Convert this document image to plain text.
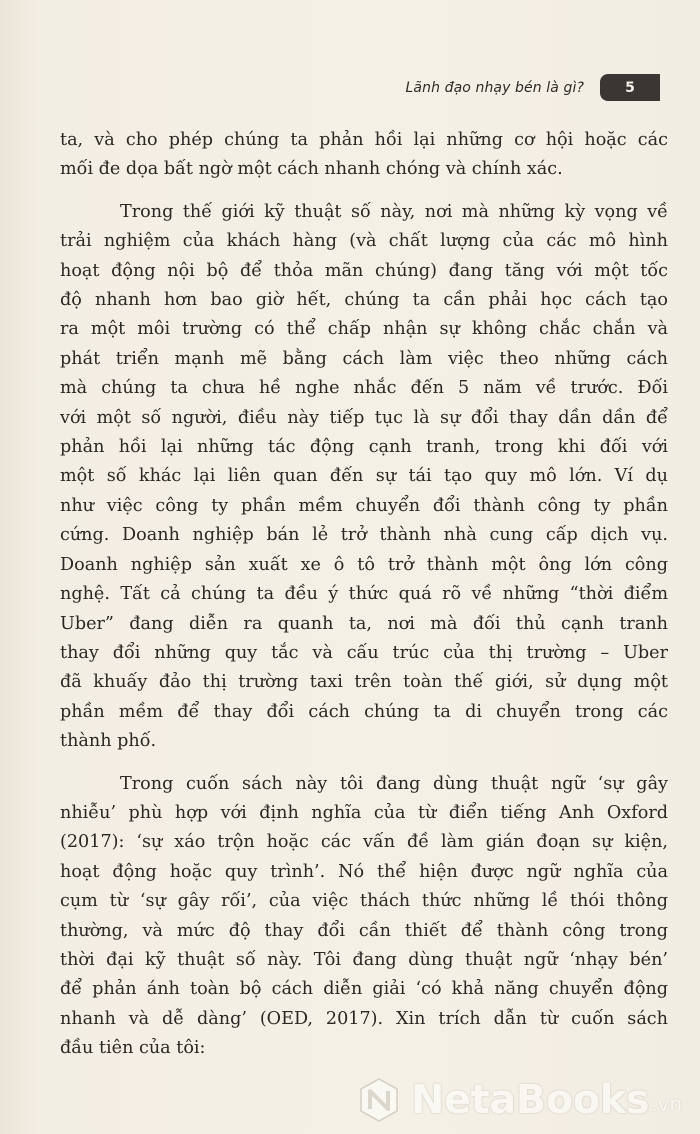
Lãnh đạo nhạy bén là gì?	5
ta, và cho phép chúng ta phản hồi lại những cơ hội hoặc các
mối đe dọa bất ngờ một cách nhanh chóng và chính xác.
Trong thế giới kỹ thuật số này, nơi mà những kỳ vọng về
trải nghiệm của khách hàng (và chất lượng của các mô hình
hoạt động nội bộ để thỏa mãn chúng) đang tăng với một tốc
độ nhanh hơn bao giờ hết, chúng ta cần phải học cách tạo
ra một môi trường có thể chấp nhận sự không chắc chắn và
phát triển mạnh mẽ bằng cách làm việc theo những cách
mà chúng ta chưa hề nghe nhắc đến 5 năm về trước. Đối
với một số người, điều này tiếp tục là sự đổi thay dần dần để
phản hồi lại những tác động cạnh tranh, trong khi đối với
một số khác lại liên quan đến sự tái tạo quy mô lớn. Ví dụ
như việc công ty phần mềm chuyển đổi thành công ty phần
cứng. Doanh nghiệp bán lẻ trở thành nhà cung cấp dịch vụ.
Doanh nghiệp sản xuất xe ô tô trở thành một ông lớn công
nghệ. Tất cả chúng ta đều ý thức quá rõ về những “thời điểm
Uber” đang diễn ra quanh ta, nơi mà đối thủ cạnh tranh
thay đổi những quy tắc và cấu trúc của thị trường – Uber
đã khuấy đảo thị trường taxi trên toàn thế giới, sử dụng một
phần mềm để thay đổi cách chúng ta di chuyển trong các
thành phố.
Trong cuốn sách này tôi đang dùng thuật ngữ ‘sự gây
nhiễu’ phù hợp với định nghĩa của từ điển tiếng Anh Oxford
(2017): ‘sự xáo trộn hoặc các vấn đề làm gián đoạn sự kiện,
hoạt động hoặc quy trình’. Nó thể hiện được ngữ nghĩa của
cụm từ ‘sự gây rối’, của việc thách thức những lề thói thông
thường, và mức độ thay đổi cần thiết để thành công trong
thời đại kỹ thuật số này. Tôi đang dùng thuật ngữ ‘nhạy bén’
để phản ánh toàn bộ cách diễn giải ‘có khả năng chuyển động
nhanh và dễ dàng’ (OED, 2017). Xin trích dẫn từ cuốn sách
đầu tiên của tôi:
NetaBooks .vn
